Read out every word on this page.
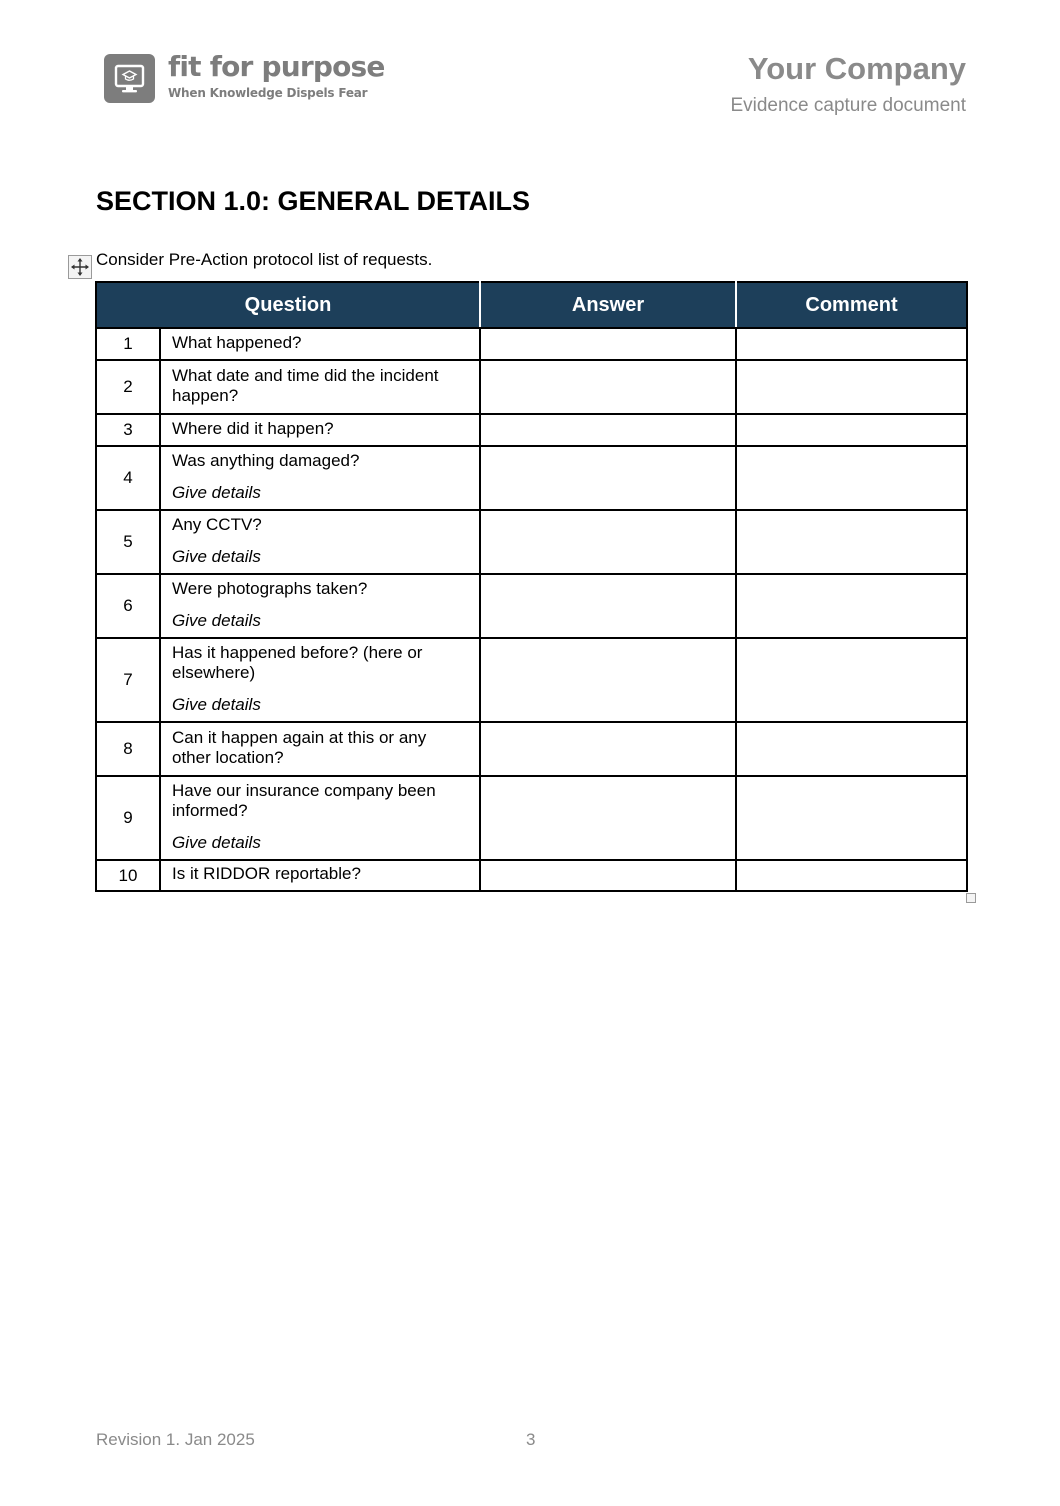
fit for purpose
When Knowledge Dispels Fear
Your Company
Evidence capture document
SECTION 1.0: GENERAL DETAILS
Consider Pre-Action protocol list of requests.
Question		Answer	Comment
1	What happened?		
2	What date and time did the incident happen?		
3	Where did it happen?		
4	Was anything damaged?
Give details		

5	Any CCTV?
Give details		

6	Were photographs taken?
Give details		

7	Has it happened before? (here or elsewhere)
Give details		

8	Can it happen again at this or any other location?		
9	Have our insurance company been informed?
Give details		

10	Is it RIDDOR reportable?		
Revision 1. Jan 2025	3
